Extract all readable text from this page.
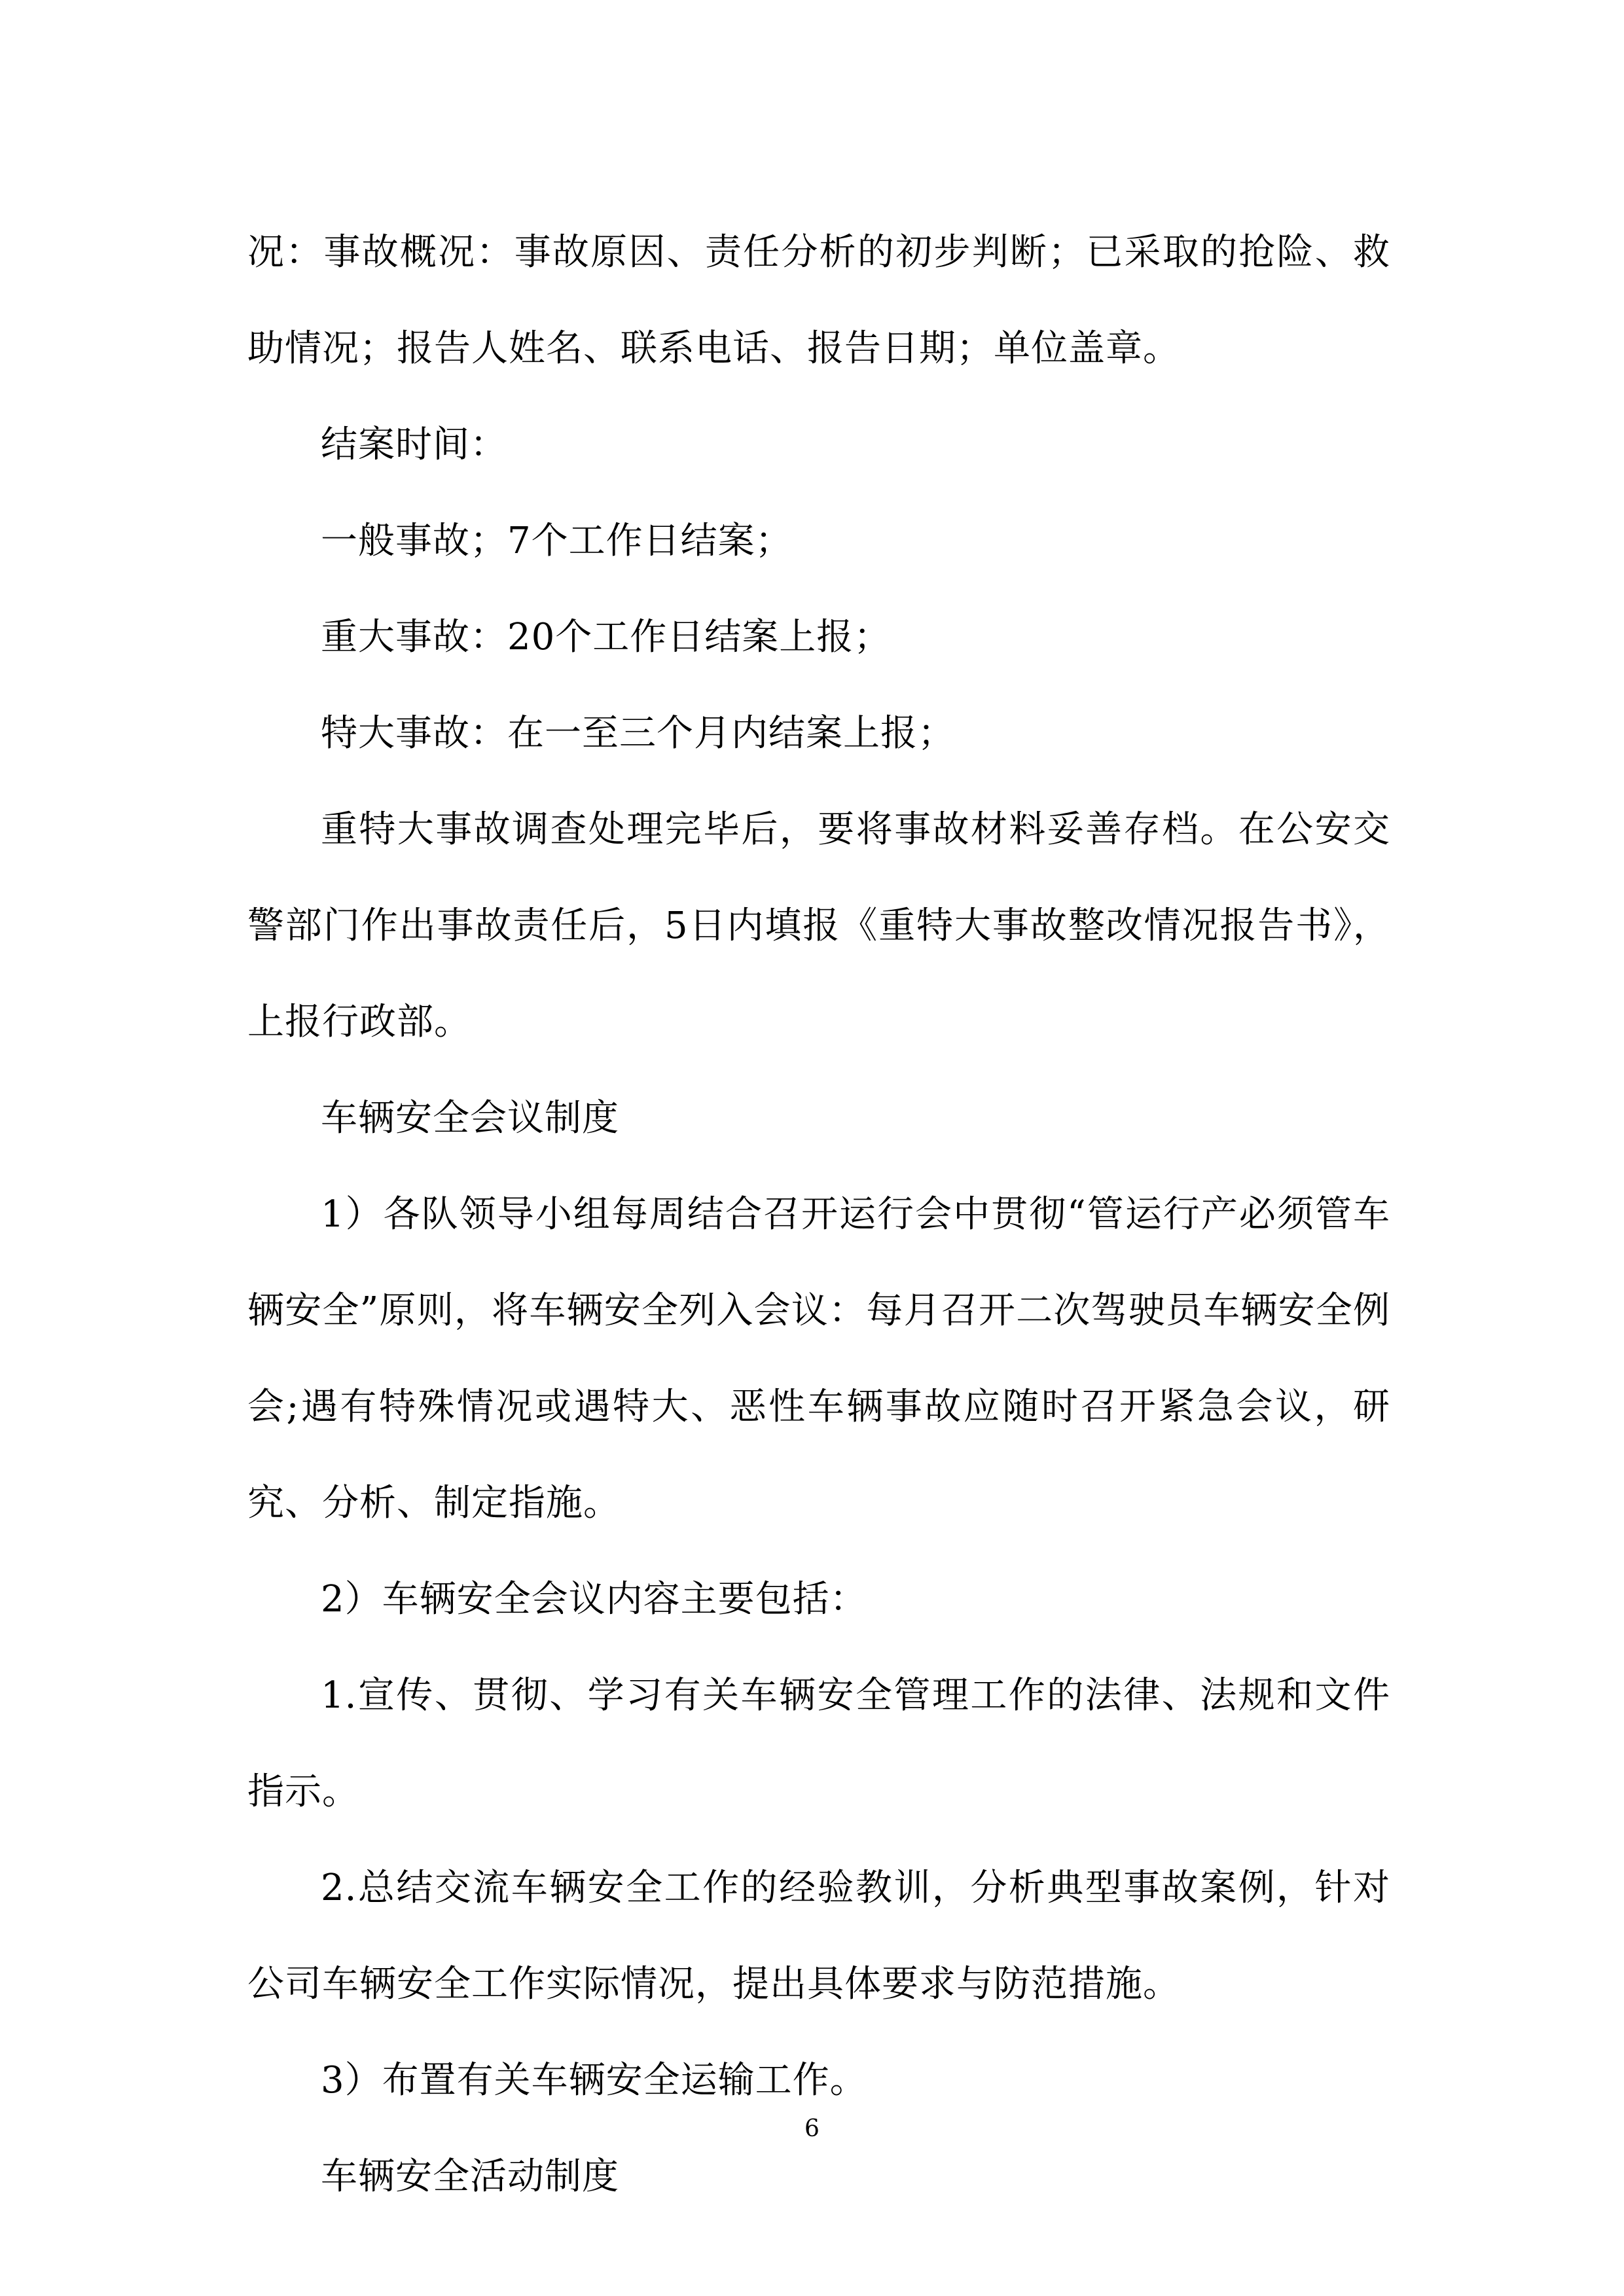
况：事故概况：事故原因、责任分析的初步判断；已采取的抢险、救助情况；报告人姓名、联系电话、报告日期；单位盖章。

结案时间：

一般事故；7个工作日结案；

重大事故：20个工作日结案上报；

特大事故：在一至三个月内结案上报；

重特大事故调查处理完毕后，要将事故材料妥善存档。在公安交警部门作出事故责任后，5日内填报《重特大事故整改情况报告书》，上报行政部。

车辆安全会议制度

1）各队领导小组每周结合召开运行会中贯彻“管运行产必须管车辆安全”原则，将车辆安全列入会议：每月召开二次驾驶员车辆安全例会;遇有特殊情况或遇特大、恶性车辆事故应随时召开紧急会议，研究、分析、制定指施。

2）车辆安全会议内容主要包括：

1.宣传、贯彻、学习有关车辆安全管理工作的法律、法规和文件指示。

2.总结交流车辆安全工作的经验教训，分析典型事故案例，针对公司车辆安全工作实际情况，提出具体要求与防范措施。

3）布置有关车辆安全运输工作。

车辆安全活动制度

6
